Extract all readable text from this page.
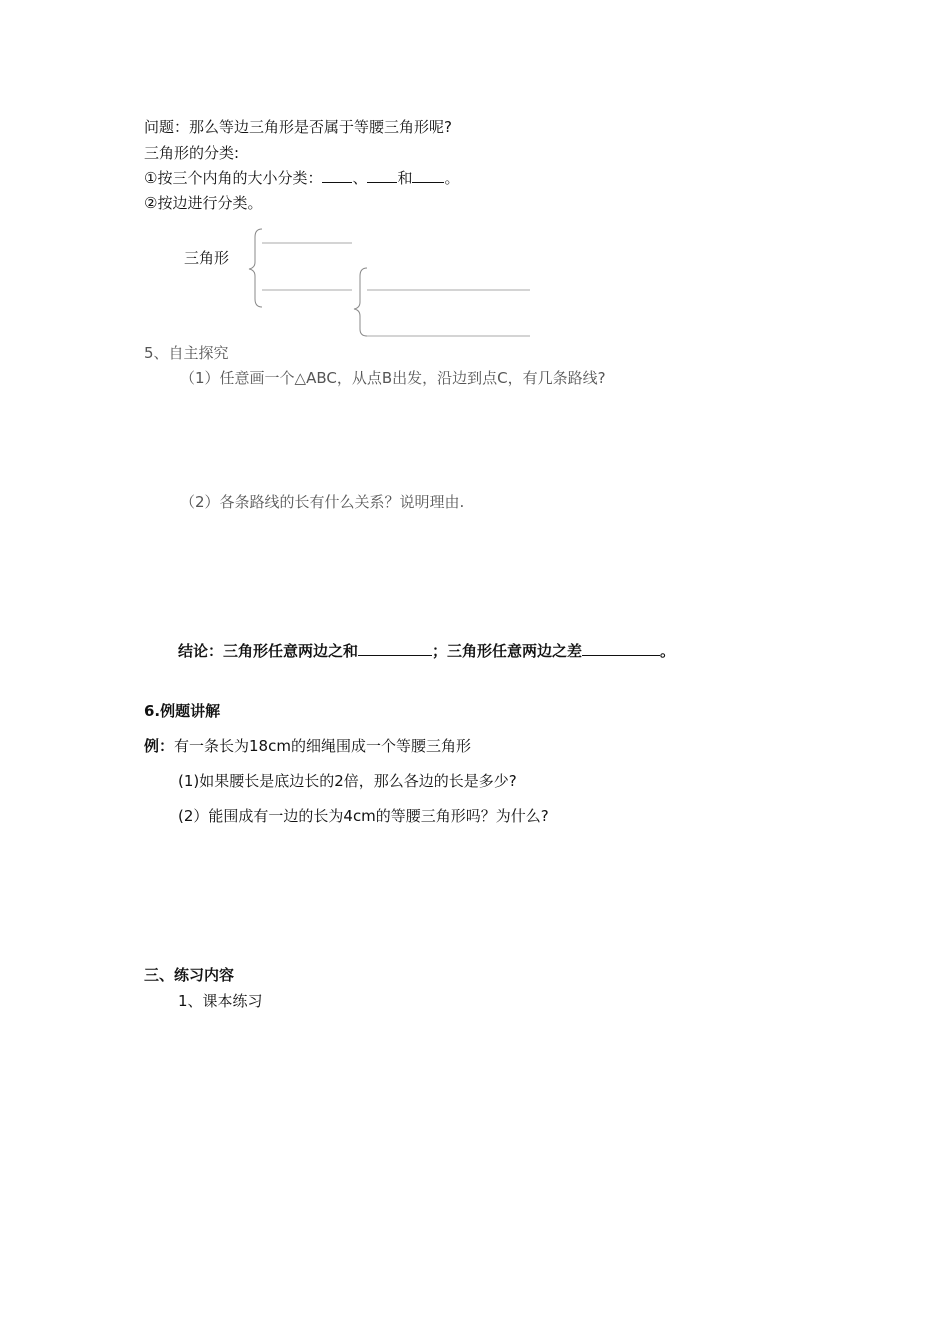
问题：那么等边三角形是否属于等腰三角形呢?
三角形的分类:
①按三个内角的大小分类： 、 和 。
②按边进行分类。
三角形
5、自主探究
（1）任意画一个△ABC，从点B出发，沿边到点C，有几条路线?
（2）各条路线的长有什么关系？说明理由.
结论：三角形任意两边之和	；三角形任意两边之差	。
6.例题讲解
例：有一条长为18cm的细绳围成一个等腰三角形
(1)如果腰长是底边长的2倍，那么各边的长是多少?
(2）能围成有一边的长为4cm的等腰三角形吗？为什么?
三、练习内容
1、课本练习
